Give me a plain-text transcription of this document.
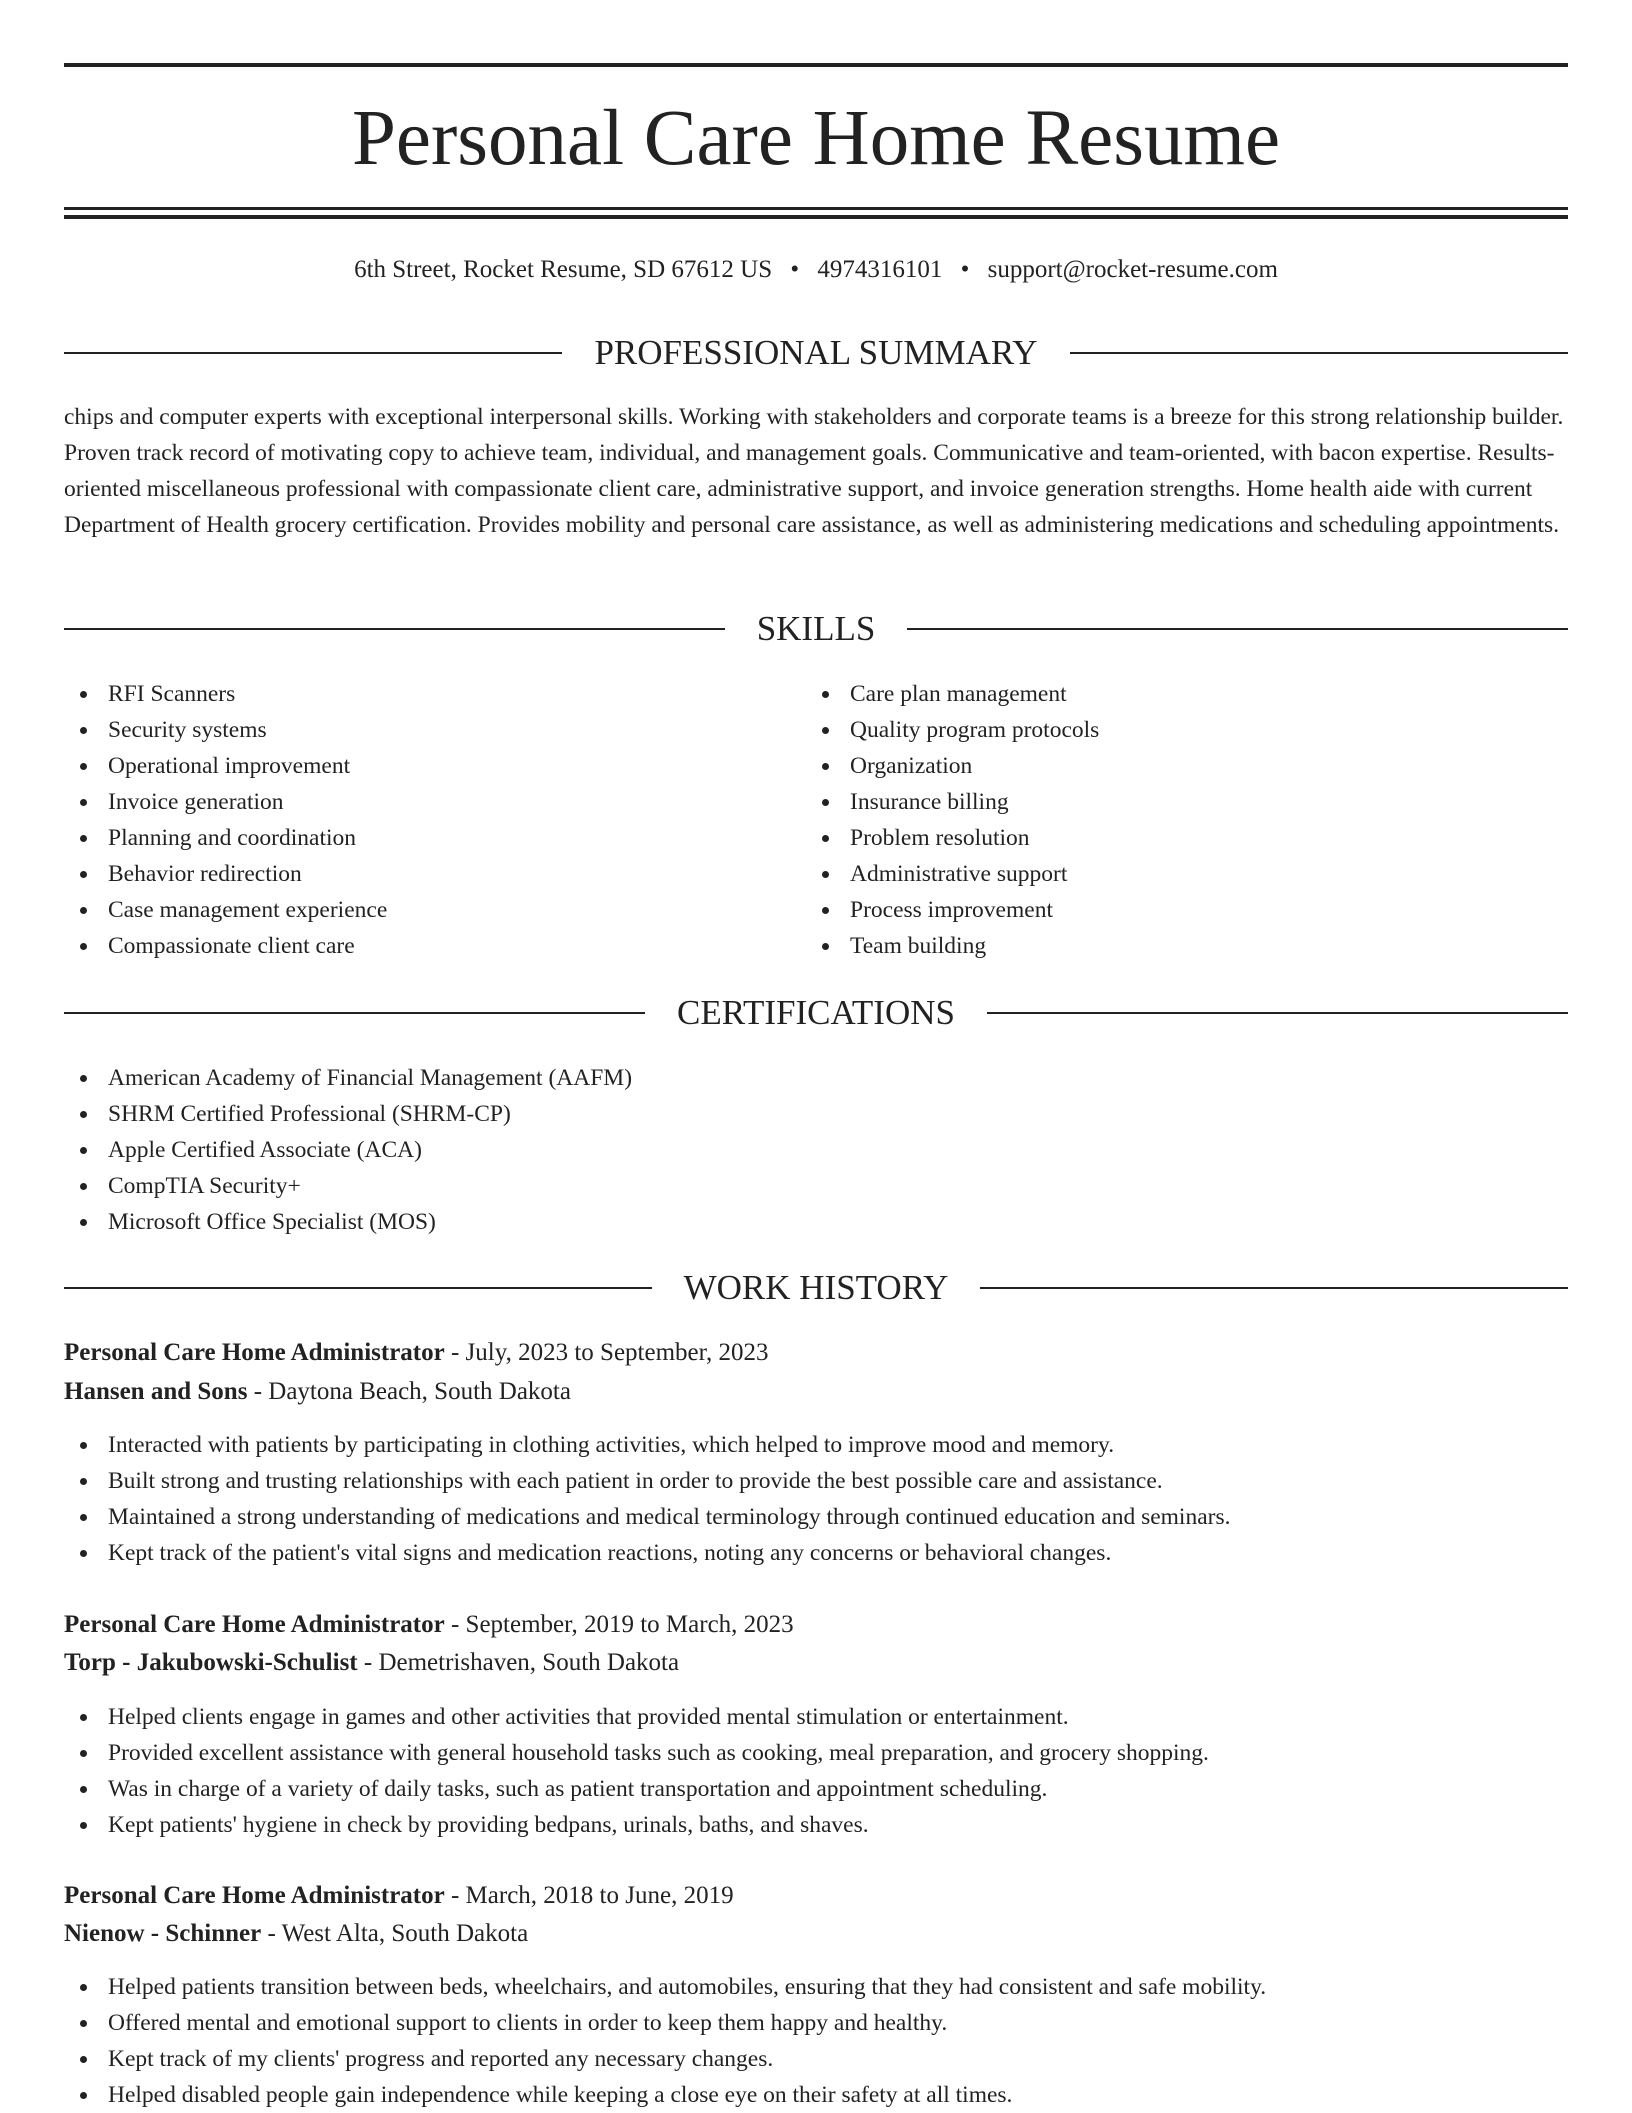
Personal Care Home Resume
6th Street, Rocket Resume, SD 67612 US • 4974316101 • support@rocket-resume.com
PROFESSIONAL SUMMARY

chips and computer experts with exceptional interpersonal skills. Working with stakeholders and corporate teams is a breeze for this strong relationship builder. Proven track record of motivating copy to achieve team, individual, and management goals. Communicative and team-oriented, with bacon expertise. Results-oriented miscellaneous professional with compassionate client care, administrative support, and invoice generation strengths. Home health aide with current Department of Health grocery certification. Provides mobility and personal care assistance, as well as administering medications and scheduling appointments.

SKILLS
RFI Scanners
Security systems
Operational improvement
Invoice generation
Planning and coordination
Behavior redirection
Case management experience
Compassionate client care
Care plan management
Quality program protocols
Organization
Insurance billing
Problem resolution
Administrative support
Process improvement
Team building
CERTIFICATIONS
American Academy of Financial Management (AAFM)
SHRM Certified Professional (SHRM-CP)
Apple Certified Associate (ACA)
CompTIA Security+
Microsoft Office Specialist (MOS)
WORK HISTORY
Personal Care Home Administrator - July, 2023 to September, 2023
Hansen and Sons - Daytona Beach, South Dakota
Interacted with patients by participating in clothing activities, which helped to improve mood and memory.
Built strong and trusting relationships with each patient in order to provide the best possible care and assistance.
Maintained a strong understanding of medications and medical terminology through continued education and seminars.
Kept track of the patient's vital signs and medication reactions, noting any concerns or behavioral changes.
Personal Care Home Administrator - September, 2019 to March, 2023
Torp - Jakubowski-Schulist - Demetrishaven, South Dakota
Helped clients engage in games and other activities that provided mental stimulation or entertainment.
Provided excellent assistance with general household tasks such as cooking, meal preparation, and grocery shopping.
Was in charge of a variety of daily tasks, such as patient transportation and appointment scheduling.
Kept patients' hygiene in check by providing bedpans, urinals, baths, and shaves.
Personal Care Home Administrator - March, 2018 to June, 2019
Nienow - Schinner - West Alta, South Dakota
Helped patients transition between beds, wheelchairs, and automobiles, ensuring that they had consistent and safe mobility.
Offered mental and emotional support to clients in order to keep them happy and healthy.
Kept track of my clients' progress and reported any necessary changes.
Helped disabled people gain independence while keeping a close eye on their safety at all times.
